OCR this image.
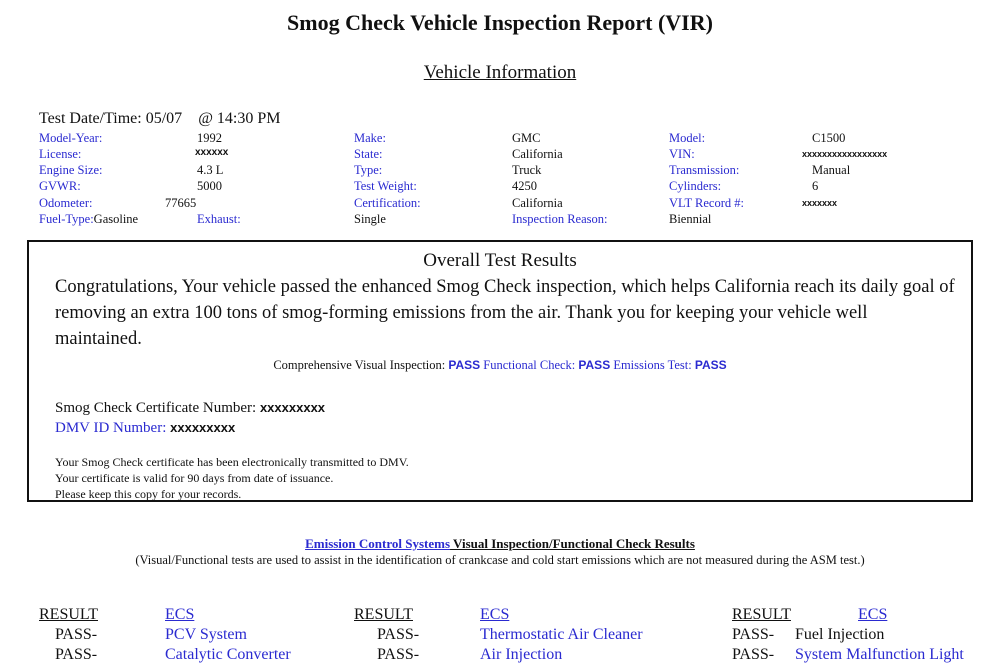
Smog Check Vehicle Inspection Report (VIR)
Vehicle Information
Test Date/Time: 05/07 @ 14:30 PM
Model-Year:	1992	Make:	GMC	Model:	C1500
License:	xxxxxx	State:	California	VIN:	xxxxxxxxxxxxxxxxx
Engine Size:	4.3 L	Type:	Truck	Transmission:	Manual
GVWR:	5000	Test Weight:	4250	Cylinders:	6
Odometer:	77665	Certification:	California	VLT Record #:	xxxxxxx
Fuel-Type:Gasoline	Exhaust:	Single	Inspection Reason:	Biennial
Overall Test Results
Congratulations, Your vehicle passed the enhanced Smog Check inspection, which helps California reach its daily goal of removing an extra 100 tons of smog-forming emissions from the air. Thank you for keeping your vehicle well maintained.
Comprehensive Visual Inspection: PASS Functional Check: PASS Emissions Test: PASS
Smog Check Certificate Number: xxxxxxxxx
DMV ID Number: xxxxxxxxx
Your Smog Check certificate has been electronically transmitted to DMV.
Your certificate is valid for 90 days from date of issuance.
Please keep this copy for your records.
Emission Control Systems Visual Inspection/Functional Check Results
(Visual/Functional tests are used to assist in the identification of crankcase and cold start emissions which are not measured during the ASM test.)
RESULT	ECS
PASS-	PCV System
PASS-	Catalytic Converter
RESULT	ECS
PASS-	Thermostatic Air Cleaner
PASS-	Air Injection
RESULT	ECS
PASS- Fuel Injection
PASS- System Malfunction Light
